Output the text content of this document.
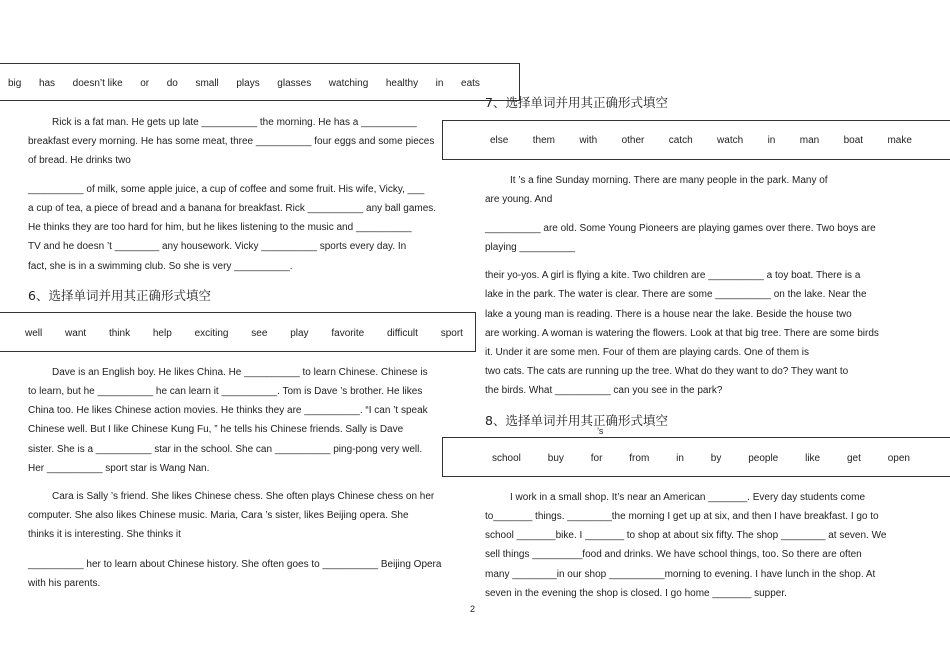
big has doesn’t like or do small plays glasses watching healthy in eats
Rick is a fat man. He gets up late __________ the morning. He has a __________
breakfast every morning. He has some meat, three __________ four eggs and some pieces
of bread. He drinks two
__________ of milk, some apple juice, a cup of coffee and some fruit. His wife, Vicky, ___
a cup of tea, a piece of bread and a banana for breakfast. Rick __________ any ball games.
He thinks they are too hard for him, but he likes listening to the music and __________
TV and he doesn ’t ________ any housework. Vicky __________ sports every day. In
fact, she is in a swimming club. So she is very __________.
6、选择单词并用其正确形式填空
well want think help exciting see play favorite difficult sport
Dave is an English boy. He likes China. He __________ to learn Chinese. Chinese is
to learn, but he __________ he can learn it __________. Tom is Dave ’s brother. He likes
China too. He likes Chinese action movies. He thinks they are __________. “I can ’t speak
Chinese well. But I like Chinese Kung Fu, ” he tells his Chinese friends. Sally is Dave
sister. She is a __________ star in the school. She can __________ ping-pong very well.
Her __________ sport star is Wang Nan.
Cara is Sally ’s friend. She likes Chinese chess. She often plays Chinese chess on her
computer. She also likes Chinese music. Maria, Cara ’s sister, likes Beijing opera. She
thinks it is interesting. She thinks it
__________ her to learn about Chinese history. She often goes to __________ Beijing Opera
with his parents.
7、选择单词并用其正确形式填空
else them with other catch watch in man boat make
It ’s a fine Sunday morning. There are many people in the park. Many of
are young. And
__________ are old. Some Young Pioneers are playing games over there. Two boys are
playing __________
their yo-yos. A girl is flying a kite. Two children are __________ a toy boat. There is a
lake in the park. The water is clear. There are some __________ on the lake. Near the
lake a young man is reading. There is a house near the lake. Beside the house two
are working. A woman is watering the flowers. Look at that big tree. There are some birds
it. Under it are some men. Four of them are playing cards. One of them is
two cats. The cats are running up the tree. What do they want to do? They want to
the birds. What __________ can you see in the park?
8、选择单词并用其正确形式填空
’s
school	buy	for	from	in	by	people	like	get	open
I work in a small shop. It’s near an American _______. Every day students come
to_______ things. ________the morning I get up at six, and then I have breakfast. I go to
school _______bike. I _______ to shop at about six fifty. The shop ________ at seven. We
sell things _________food and drinks. We have school things, too. So there are often
many ________in our shop __________morning to evening. I have lunch in the shop. At
seven in the evening the shop is closed. I go home _______ supper.
2
